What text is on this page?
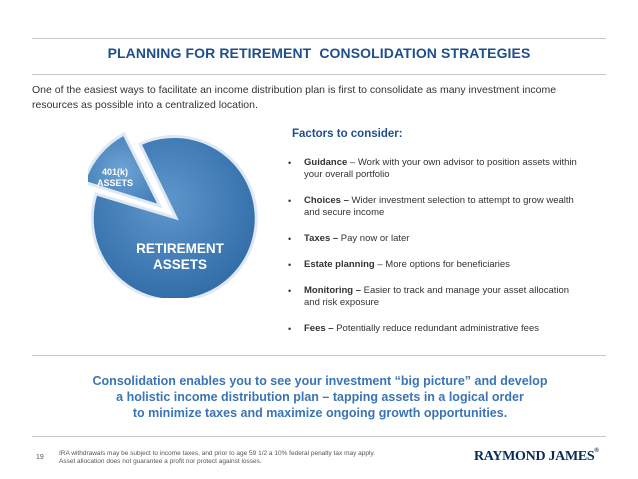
PLANNING FOR RETIREMENT CONSOLIDATION STRATEGIES
One of the easiest ways to facilitate an income distribution plan is first to consolidate as many investment income resources as possible into a centralized location.
401(k)
ASSETS
RETIREMENT
ASSETS
Factors to consider:
• Guidance – Work with your own advisor to position assets within your overall portfolio
• Choices – Wider investment selection to attempt to grow wealth and secure income
• Taxes – Pay now or later
• Estate planning – More options for beneficiaries
• Monitoring – Easier to track and manage your asset allocation and risk exposure
• Fees – Potentially reduce redundant administrative fees
Consolidation enables you to see your investment “big picture” and develop
a holistic income distribution plan – tapping assets in a logical order
to minimize taxes and maximize ongoing growth opportunities.
19
IRA withdrawals may be subject to income taxes, and prior to age 59 1/2 a 10% federal penalty tax may apply.
Asset allocation does not guarantee a profit nor protect against losses.	RAYMOND JAMES®
